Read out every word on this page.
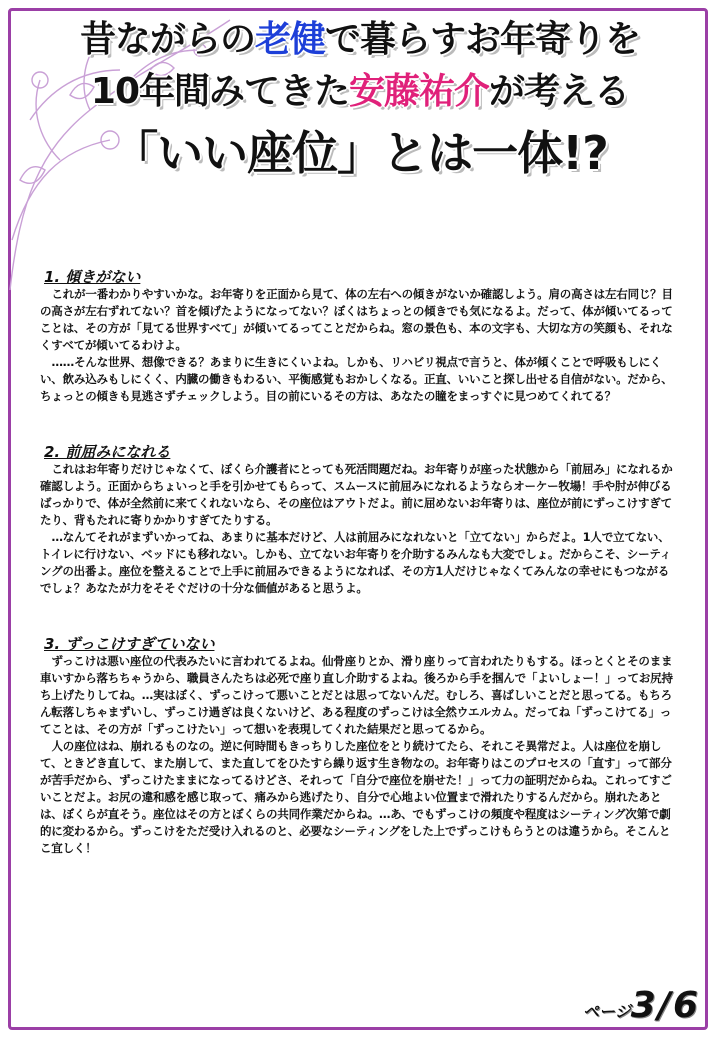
昔ながらの老健で暮らすお年寄りを
10年間みてきた安藤祐介が考える
「いい座位」とは一体!?
1. 傾きがない

これが一番わかりやすいかな。お年寄りを正面から見て、体の左右への傾きがないか確認しよう。肩の高さは左右同じ？目の高さが左右ずれてない？首を傾げたようになってない？ぼくはちょっとの傾きでも気になるよ。だって、体が傾いてるってことは、その方が「見てる世界すべて」が傾いてるってことだからね。窓の景色も、本の文字も、大切な方の笑顔も、それなくすべてが傾いてるわけよ。

……そんな世界、想像できる？あまりに生きにくいよね。しかも、リハビリ視点で言うと、体が傾くことで呼吸もしにくい、飲み込みもしにくく、内臓の働きもわるい、平衡感覚もおかしくなる。正直、いいこと探し出せる自信がない。だから、ちょっとの傾きも見逃さずチェックしよう。目の前にいるその方は、あなたの瞳をまっすぐに見つめてくれてる？

2. 前屈みになれる

これはお年寄りだけじゃなくて、ぼくら介護者にとっても死活問題だね。お年寄りが座った状態から「前屈み」になれるか確認しよう。正面からちょいっと手を引かせてもらって、スムースに前屈みになれるようならオーケー牧場！手や肘が伸びるばっかりで、体が全然前に来てくれないなら、その座位はアウトだよ。前に屈めないお年寄りは、座位が前にずっこけすぎてたり、背もたれに寄りかかりすぎてたりする。

…なんてそれがまずいかってね、あまりに基本だけど、人は前屈みになれないと「立てない」からだよ。1人で立てない、トイレに行けない、ベッドにも移れない。しかも、立てないお年寄りを介助するみんなも大変でしょ。だからこそ、シーティングの出番よ。座位を整えることで上手に前屈みできるようになれば、その方1人だけじゃなくてみんなの幸せにもつながるでしょ？あなたが力をそそぐだけの十分な価値があると思うよ。

3. ずっこけすぎていない

ずっこけは悪い座位の代表みたいに言われてるよね。仙骨座りとか、滑り座りって言われたりもする。ほっとくとそのまま車いすから落ちちゃうから、職員さんたちは必死で座り直し介助するよね。後ろから手を掴んで「よいしょー！」ってお尻持ち上げたりしてね。…実はぼく、ずっこけって悪いことだとは思ってないんだ。むしろ、喜ばしいことだと思ってる。もちろん転落しちゃまずいし、ずっこけ過ぎは良くないけど、ある程度のずっこけは全然ウエルカム。だってね「ずっこけてる」ってことは、その方が「ずっこけたい」って想いを表現してくれた結果だと思ってるから。

人の座位はね、崩れるものなの。逆に何時間もきっちりした座位をとり続けてたら、それこそ異常だよ。人は座位を崩して、ときどき直して、また崩して、また直してをひたすら繰り返す生き物なの。お年寄りはこのプロセスの「直す」って部分が苦手だから、ずっこけたままになってるけどさ、それって「自分で座位を崩せた！」って力の証明だからね。これってすごいことだよ。お尻の違和感を感じ取って、痛みから逃げたり、自分で心地よい位置まで滑れたりするんだから。崩れたあとは、ぼくらが直そう。座位はその方とぼくらの共同作業だからね。…あ、でもずっこけの頻度や程度はシーティング次第で劇的に変わるから。ずっこけをただ受け入れるのと、必要なシーティングをした上でずっこけもらうとのは違うから。そこんとこ宜しく！

ページ3/6
